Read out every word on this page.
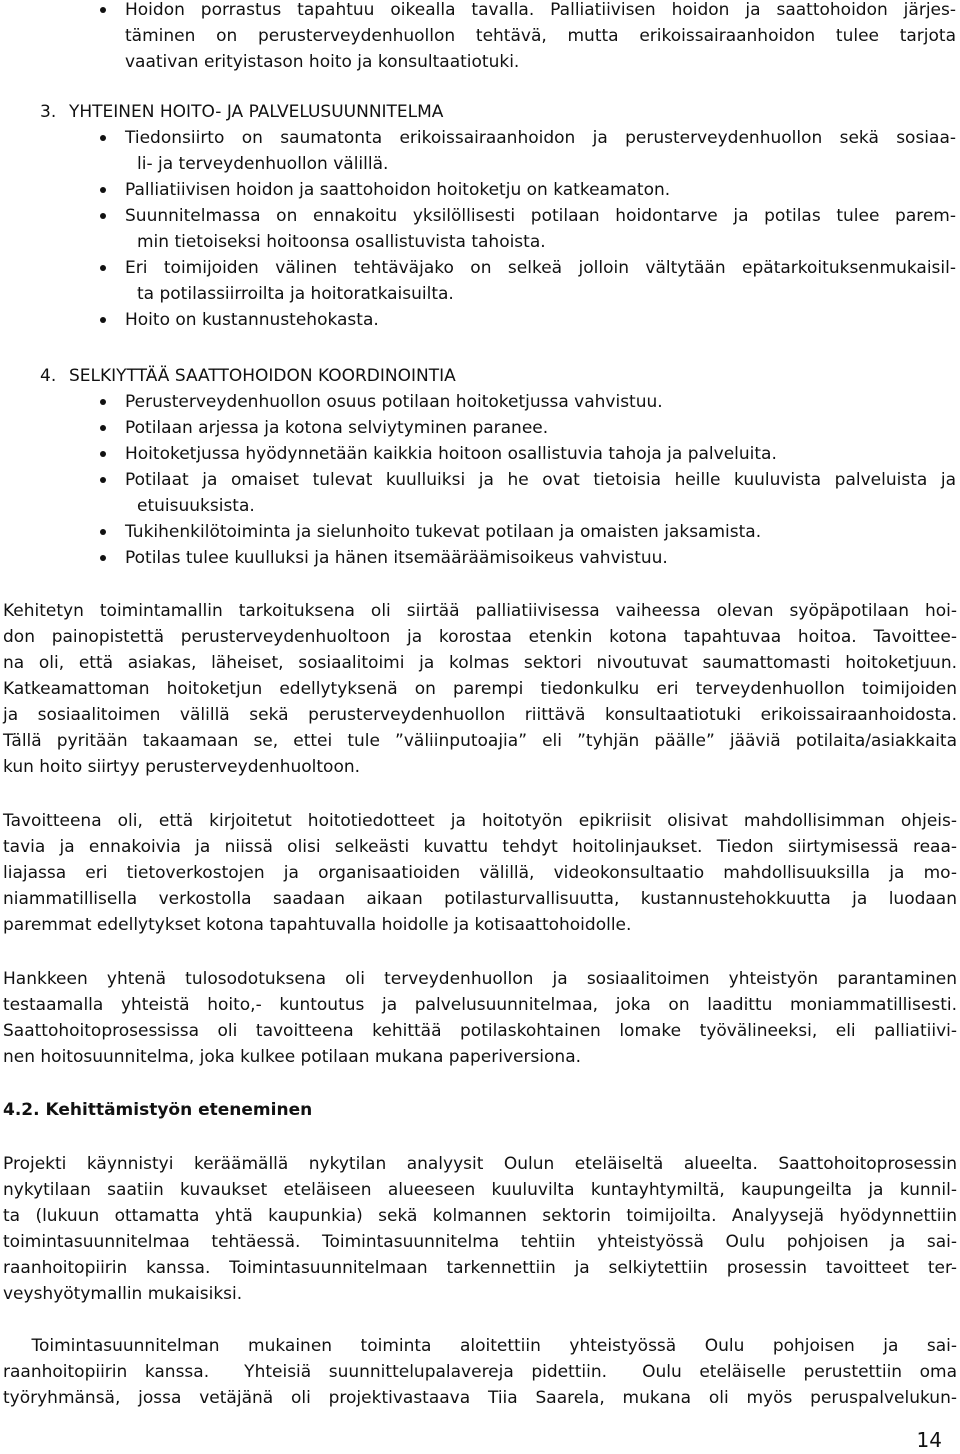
Hoidon porrastus tapahtuu oikealla tavalla. Palliatiivisen hoidon ja saattohoidon järjes-
täminen on perusterveydenhuollon tehtävä, mutta erikoissairaanhoidon tulee tarjota
vaativan erityistason hoito ja konsultaatiotuki.
3. YHTEINEN HOITO- JA PALVELUSUUNNITELMA
Tiedonsiirto on saumatonta erikoissairaanhoidon ja perusterveydenhuollon sekä sosiaa-
li- ja terveydenhuollon välillä.
Palliatiivisen hoidon ja saattohoidon hoitoketju on katkeamaton.
Suunnitelmassa on ennakoitu yksilöllisesti potilaan hoidontarve ja potilas tulee parem-
min tietoiseksi hoitoonsa osallistuvista tahoista.
Eri toimijoiden välinen tehtäväjako on selkeä jolloin vältytään epätarkoituksenmukaisil-
ta potilassiirroilta ja hoitoratkaisuilta.
Hoito on kustannustehokasta.
4. SELKIYTTÄÄ SAATTOHOIDON KOORDINOINTIA
Perusterveydenhuollon osuus potilaan hoitoketjussa vahvistuu.
Potilaan arjessa ja kotona selviytyminen paranee.
Hoitoketjussa hyödynnetään kaikkia hoitoon osallistuvia tahoja ja palveluita.
Potilaat ja omaiset tulevat kuulluiksi ja he ovat tietoisia heille kuuluvista palveluista ja
etuisuuksista.
Tukihenkilötoiminta ja sielunhoito tukevat potilaan ja omaisten jaksamista.
Potilas tulee kuulluksi ja hänen itsemääräämisoikeus vahvistuu.
Kehitetyn toimintamallin tarkoituksena oli siirtää palliatiivisessa vaiheessa olevan syöpäpotilaan hoi-
don painopistettä perusterveydenhuoltoon ja korostaa etenkin kotona tapahtuvaa hoitoa. Tavoittee-
na oli, että asiakas, läheiset, sosiaalitoimi ja kolmas sektori nivoutuvat saumattomasti hoitoketjuun.
Katkeamattoman hoitoketjun edellytyksenä on parempi tiedonkulku eri terveydenhuollon toimijoiden
ja sosiaalitoimen välillä sekä perusterveydenhuollon riittävä konsultaatiotuki erikoissairaanhoidosta.
Tällä pyritään takaamaan se, ettei tule ”väliinputoajia” eli ”tyhjän päälle” jääviä potilaita/asiakkaita
kun hoito siirtyy perusterveydenhuoltoon.
Tavoitteena oli, että kirjoitetut hoitotiedotteet ja hoitotyön epikriisit olisivat mahdollisimman ohjeis-
tavia ja ennakoivia ja niissä olisi selkeästi kuvattu tehdyt hoitolinjaukset. Tiedon siirtymisessä reaa-
liajassa eri tietoverkostojen ja organisaatioiden välillä, videokonsultaatio mahdollisuuksilla ja mo-
niammatillisella verkostolla saadaan aikaan potilasturvallisuutta, kustannustehokkuutta ja luodaan
paremmat edellytykset kotona tapahtuvalla hoidolle ja kotisaattohoidolle.
Hankkeen yhtenä tulosodotuksena oli terveydenhuollon ja sosiaalitoimen yhteistyön parantaminen
testaamalla yhteistä hoito,- kuntoutus ja palvelusuunnitelmaa, joka on laadittu moniammatillisesti.
Saattohoitoprosessissa oli tavoitteena kehittää potilaskohtainen lomake työvälineeksi, eli palliatiivi-
nen hoitosuunnitelma, joka kulkee potilaan mukana paperiversiona.
4.2. Kehittämistyön eteneminen
Projekti käynnistyi keräämällä nykytilan analyysit Oulun eteläiseltä alueelta. Saattohoitoprosessin
nykytilaan saatiin kuvaukset eteläiseen alueeseen kuuluvilta kuntayhtymiltä, kaupungeilta ja kunnil-
ta (lukuun ottamatta yhtä kaupunkia) sekä kolmannen sektorin toimijoilta. Analyysejä hyödynnettiin
toimintasuunnitelmaa tehtäessä. Toimintasuunnitelma tehtiin yhteistyössä Oulu pohjoisen ja sai-
raanhoitopiirin kanssa. Toimintasuunnitelmaan tarkennettiin ja selkiytettiin prosessin tavoitteet ter-
veyshyötymallin mukaisiksi.
Toimintasuunnitelman mukainen toiminta aloitettiin yhteistyössä Oulu pohjoisen ja sai-
raanhoitopiirin kanssa.  Yhteisiä suunnittelupalavereja pidettiin.  Oulu eteläiselle perustettiin oma
työryhmänsä, jossa vetäjänä oli projektivastaava Tiia Saarela, mukana oli myös peruspalvelukun-
14
